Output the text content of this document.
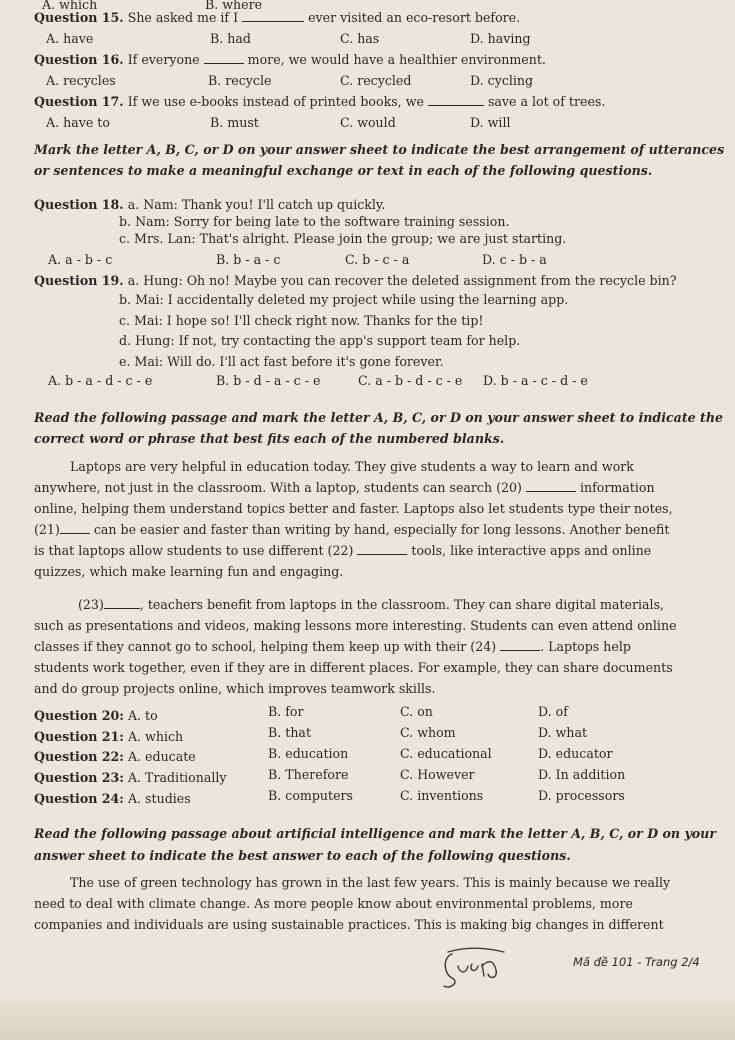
A. which	B. where
Question 15. She asked me if I	ever visited an eco-resort before.
A. have	B. had	C. has	D. having
Question 16. If everyone	more, we would have a healthier environment.
A. recycles	B. recycle	C. recycled	D. cycling
Question 17. If we use e-books instead of printed books, we	save a lot of trees.
A. have to	B. must	C. would	D. will
Mark the letter A, B, C, or D on your answer sheet to indicate the best arrangement of utterances
or sentences to make a meaningful exchange or text in each of the following questions.
Question 18. a. Nam: Thank you! I'll catch up quickly.
b. Nam: Sorry for being late to the software training session.
c. Mrs. Lan: That's alright. Please join the group; we are just starting.
A. a - b - c	B. b - a - c	C. b - c - a	D. c - b - a
Question 19. a. Hung: Oh no! Maybe you can recover the deleted assignment from the recycle bin?
b. Mai: I accidentally deleted my project while using the learning app.
c. Mai: I hope so! I'll check right now. Thanks for the tip!
d. Hung: If not, try contacting the app's support team for help.
e. Mai: Will do. I'll act fast before it's gone forever.
A. b - a - d - c - e	B. b - d - a - c - e	C. a - b - d - c - e D. b - a - c - d - e
Read the following passage and mark the letter A, B, C, or D on your answer sheet to indicate the
correct word or phrase that best fits each of the numbered blanks.
Laptops are very helpful in education today. They give students a way to learn and work
anywhere, not just in the classroom. With a laptop, students can search (20)	information
online, helping them understand topics better and faster. Laptops also let students type their notes,
(21) can be easier and faster than writing by hand, especially for long lessons. Another benefit
is that laptops allow students to use different (22)	tools, like interactive apps and online
quizzes, which make learning fun and engaging.
(23)	, teachers benefit from laptops in the classroom. They can share digital materials,
such as presentations and videos, making lessons more interesting. Students can even attend online
classes if they cannot go to school, helping them keep up with their (24)	. Laptops help
students work together, even if they are in different places. For example, they can share documents
and do group projects online, which improves teamwork skills.
Question 20: A. to	B. for	C. on	D. of
Question 21: A. which	B. that	C. whom	D. what
Question 22: A. educate	B. education	C. educational	D. educator
Question 23: A. Traditionally	B. Therefore	C. However	D. In addition
Question 24: A. studies	B. computers	C. inventions	D. processors
Read the following passage about artificial intelligence and mark the letter A, B, C, or D on your
answer sheet to indicate the best answer to each of the following questions.
The use of green technology has grown in the last few years. This is mainly because we really
need to deal with climate change. As more people know about environmental problems, more
companies and individuals are using sustainable practices. This is making big changes in different
Mã đề 101 - Trang 2/4
